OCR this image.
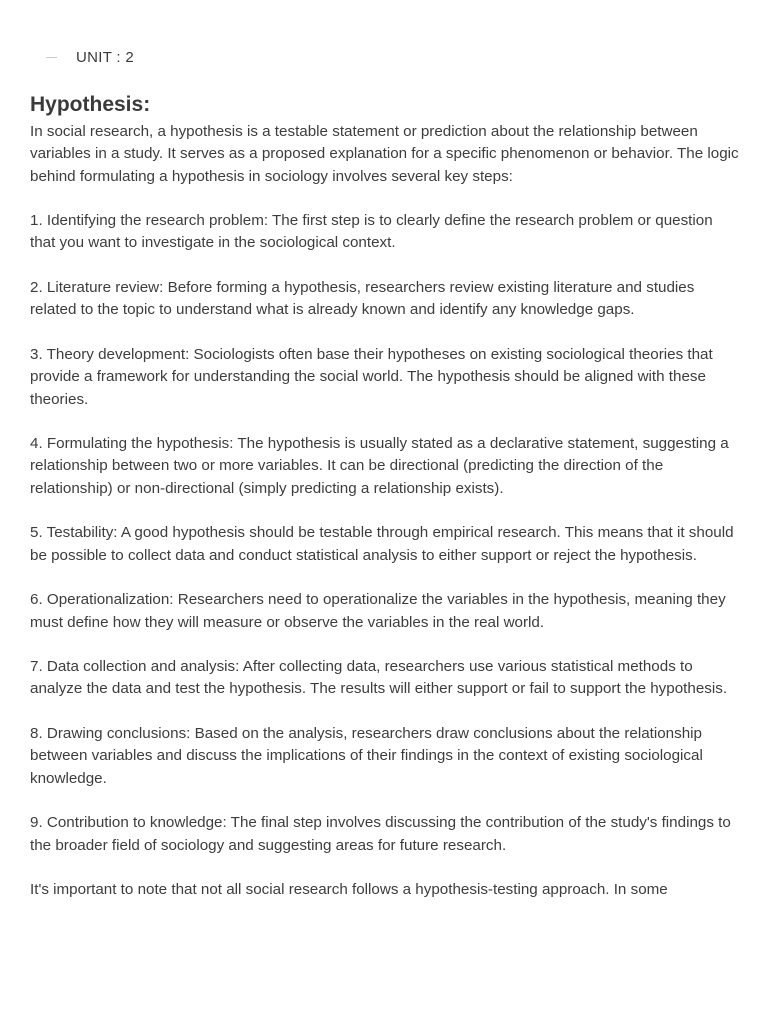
UNIT : 2
Hypothesis:

In social research, a hypothesis is a testable statement or prediction about the relationship between variables in a study. It serves as a proposed explanation for a specific phenomenon or behavior. The logic behind formulating a hypothesis in sociology involves several key steps:

1. Identifying the research problem: The first step is to clearly define the research problem or question that you want to investigate in the sociological context.

2. Literature review: Before forming a hypothesis, researchers review existing literature and studies related to the topic to understand what is already known and identify any knowledge gaps.

3. Theory development: Sociologists often base their hypotheses on existing sociological theories that provide a framework for understanding the social world. The hypothesis should be aligned with these theories.

4. Formulating the hypothesis: The hypothesis is usually stated as a declarative statement, suggesting a relationship between two or more variables. It can be directional (predicting the direction of the relationship) or non-directional (simply predicting a relationship exists).

5. Testability: A good hypothesis should be testable through empirical research. This means that it should be possible to collect data and conduct statistical analysis to either support or reject the hypothesis.

6. Operationalization: Researchers need to operationalize the variables in the hypothesis, meaning they must define how they will measure or observe the variables in the real world.

7. Data collection and analysis: After collecting data, researchers use various statistical methods to analyze the data and test the hypothesis. The results will either support or fail to support the hypothesis.

8. Drawing conclusions: Based on the analysis, researchers draw conclusions about the relationship between variables and discuss the implications of their findings in the context of existing sociological knowledge.

9. Contribution to knowledge: The final step involves discussing the contribution of the study's findings to the broader field of sociology and suggesting areas for future research.

It's important to note that not all social research follows a hypothesis-testing approach. In some
